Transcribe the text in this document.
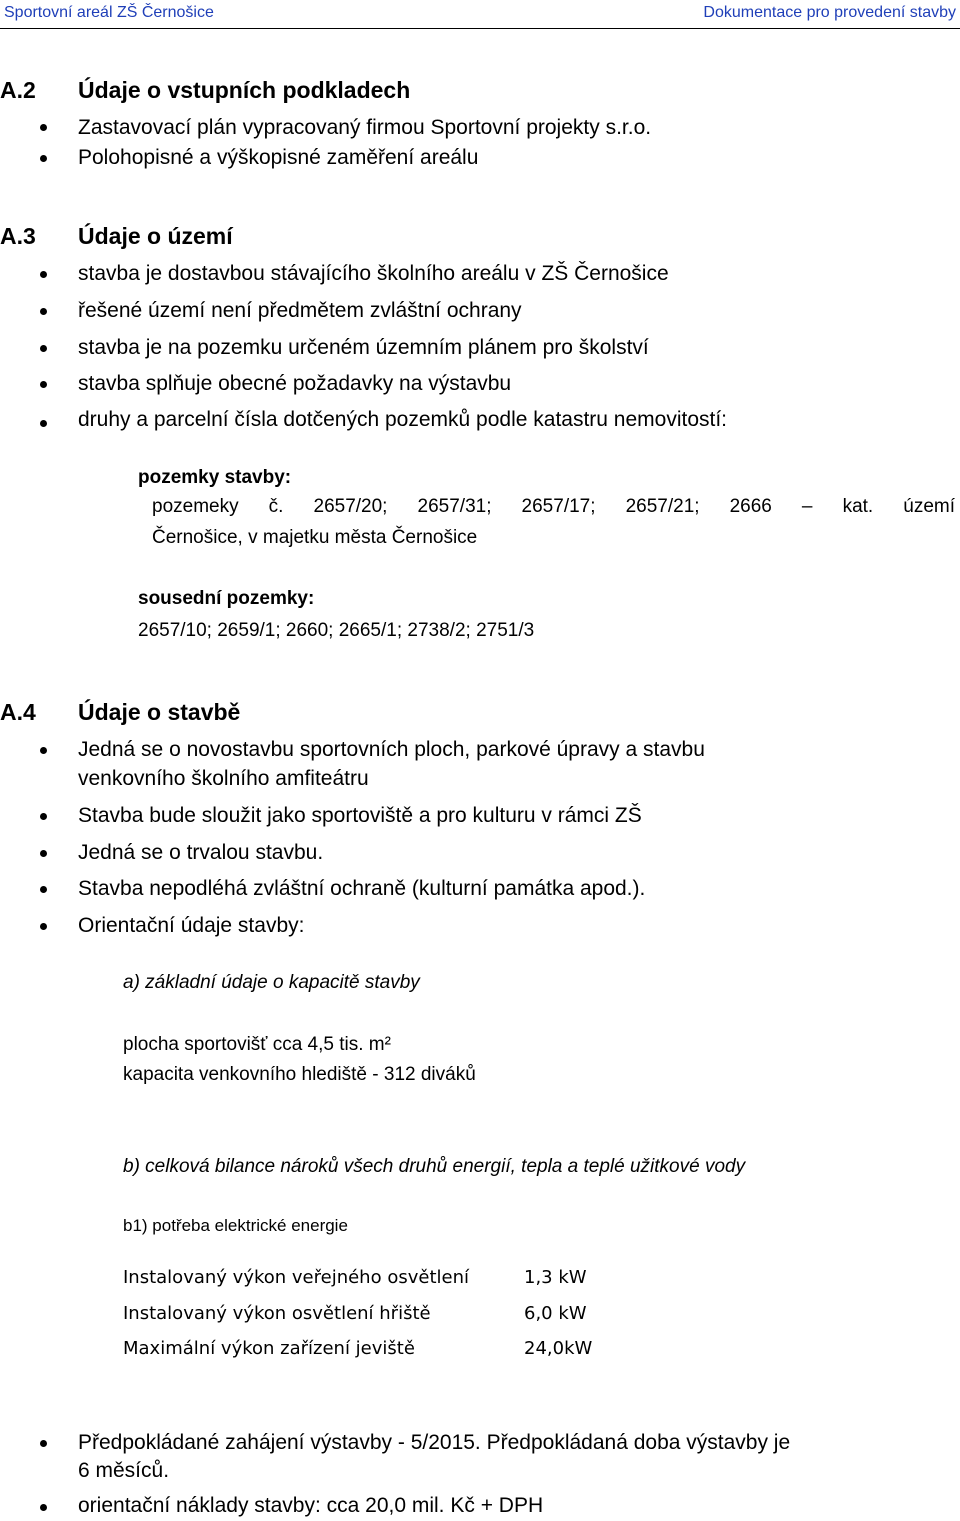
Sportovní areál ZŠ Černošice	Dokumentace pro provedení stavby
A.2 Údaje o vstupních podkladech
Zastavovací plán vypracovaný firmou Sportovní projekty s.r.o.
Polohopisné a výškopisné zaměření areálu
A.3 Údaje o území
stavba je dostavbou stávajícího školního areálu v ZŠ Černošice
řešené území není předmětem zvláštní ochrany
stavba je na pozemku určeném územním plánem pro školství
stavba splňuje obecné požadavky na výstavbu
druhy a parcelní čísla dotčených pozemků podle katastru nemovitostí:
pozemky stavby:
pozemeky č. 2657/20; 2657/31; 2657/17; 2657/21; 2666 – kat. území
Černošice, v majetku města Černošice
sousední pozemky:
2657/10; 2659/1; 2660; 2665/1; 2738/2; 2751/3
A.4 Údaje o stavbě
Jedná se o novostavbu sportovních ploch, parkové úpravy a stavbu
venkovního školního amfiteátru
Stavba bude sloužit jako sportoviště a pro kulturu v rámci ZŠ
Jedná se o trvalou stavbu.
Stavba nepodléhá zvláštní ochraně (kulturní památka apod.).
Orientační údaje stavby:
a) základní údaje o kapacitě stavby
plocha sportovišť cca 4,5 tis. m²
kapacita venkovního hlediště - 312 diváků
b) celková bilance nároků všech druhů energií, tepla a teplé užitkové vody
b1) potřeba elektrické energie
Instalovaný výkon veřejného osvětlení	1,3 kW
Instalovaný výkon osvětlení hřiště	6,0 kW
Maximální výkon zařízení jeviště	24,0kW
Předpokládané zahájení výstavby - 5/2015. Předpokládaná doba výstavby je
6 měsíců.
orientační náklady stavby: cca 20,0 mil. Kč + DPH
